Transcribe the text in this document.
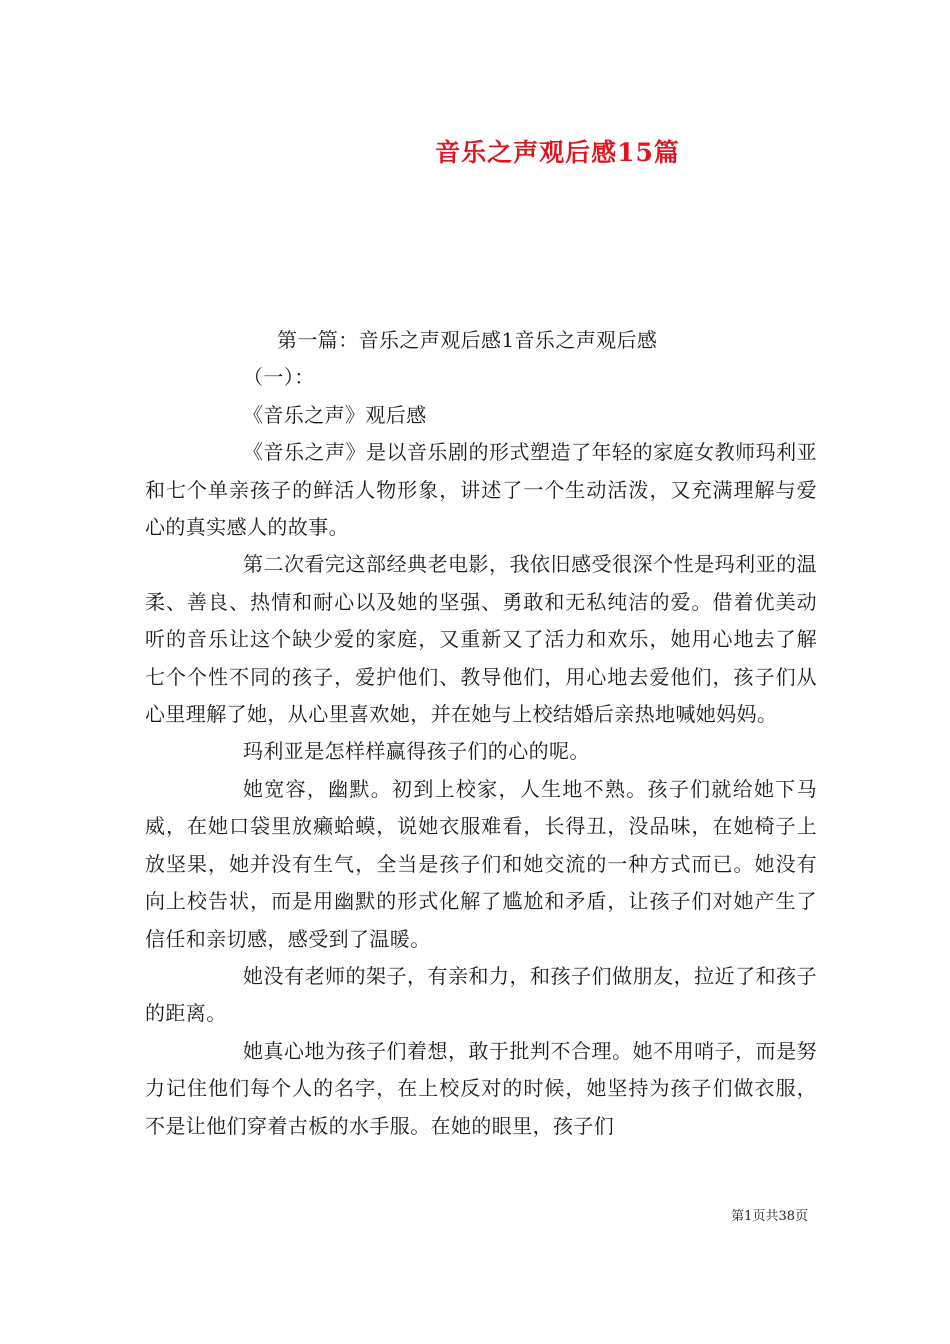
音乐之声观后感15篇

第一篇：音乐之声观后感1音乐之声观后感

（一）：

《音乐之声》观后感

《音乐之声》是以音乐剧的形式塑造了年轻的家庭女教师玛利亚和七个单亲孩子的鲜活人物形象，讲述了一个生动活泼，又充满理解与爱心的真实感人的故事。

第二次看完这部经典老电影，我依旧感受很深个性是玛利亚的温柔、善良、热情和耐心以及她的坚强、勇敢和无私纯洁的爱。借着优美动听的音乐让这个缺少爱的家庭，又重新又了活力和欢乐，她用心地去了解七个个性不同的孩子，爱护他们、教导他们，用心地去爱他们，孩子们从心里理解了她，从心里喜欢她，并在她与上校结婚后亲热地喊她妈妈。

玛利亚是怎样样赢得孩子们的心的呢。

她宽容，幽默。初到上校家，人生地不熟。孩子们就给她下马威，在她口袋里放癞蛤蟆，说她衣服难看，长得丑，没品味，在她椅子上放坚果，她并没有生气，全当是孩子们和她交流的一种方式而已。她没有向上校告状，而是用幽默的形式化解了尴尬和矛盾，让孩子们对她产生了信任和亲切感，感受到了温暖。

她没有老师的架子，有亲和力，和孩子们做朋友，拉近了和孩子的距离。

她真心地为孩子们着想，敢于批判不合理。她不用哨子，而是努力记住他们每个人的名字，在上校反对的时候，她坚持为孩子们做衣服，不是让他们穿着古板的水手服。在她的眼里，孩子们

第1页共38页
